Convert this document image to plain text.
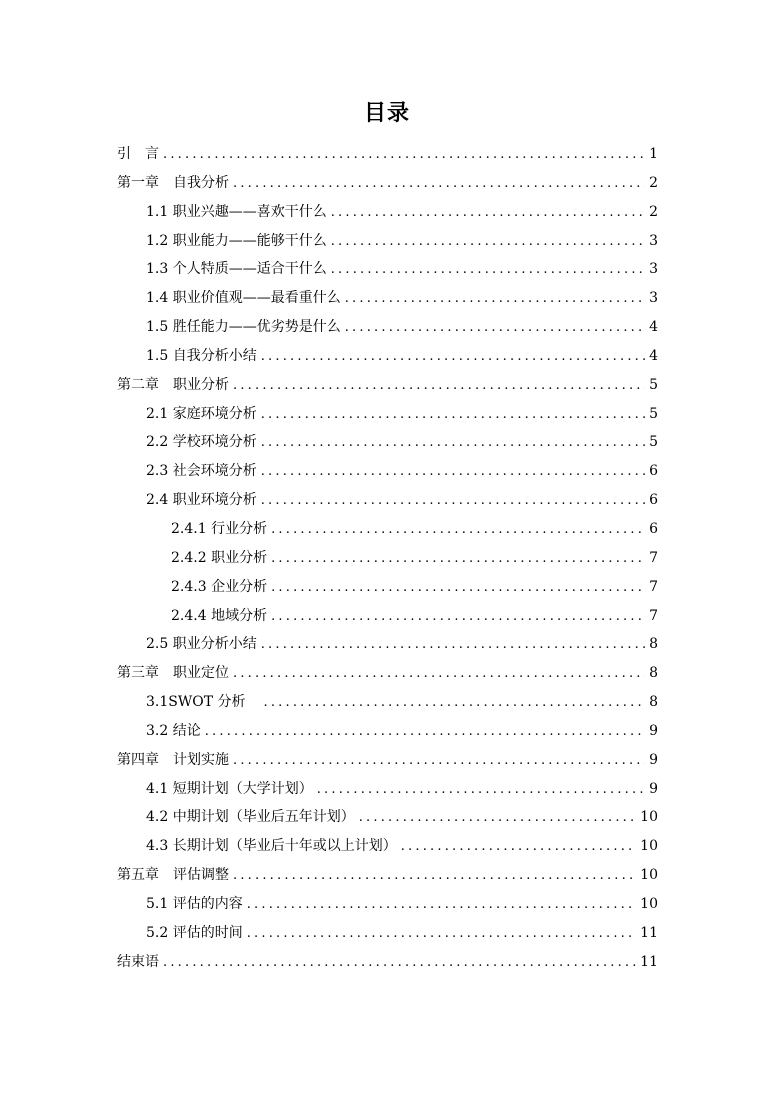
目录
引　言 .....	1
第一章　自我分析 .....	2
1.1 职业兴趣——喜欢干什么 .....	2
1.2 职业能力——能够干什么 .....	3
1.3 个人特质——适合干什么 .....	3
1.4 职业价值观——最看重什么 .....	3
1.5 胜任能力——优劣势是什么 .....	4
1.5 自我分析小结 .....	4
第二章　职业分析 .....	5
2.1 家庭环境分析 .....	5
2.2 学校环境分析 .....	5
2.3 社会环境分析 .....	6
2.4 职业环境分析 .....	6
2.4.1 行业分析 .....	6
2.4.2 职业分析 .....	7
2.4.3 企业分析 .....	7
2.4.4 地域分析 .....	7
2.5 职业分析小结 .....	8
第三章　职业定位 .....	8
3.1SWOT 分析　 .....	8
3.2 结论 .....	9
第四章　计划实施 .....	9
4.1 短期计划（大学计划） .....	9
4.2 中期计划（毕业后五年计划） .....	10
4.3 长期计划（毕业后十年或以上计划） .....	10
第五章　评估调整 .....	10
5.1 评估的内容 .....	10
5.2 评估的时间 .....	11
结束语 .....	11
